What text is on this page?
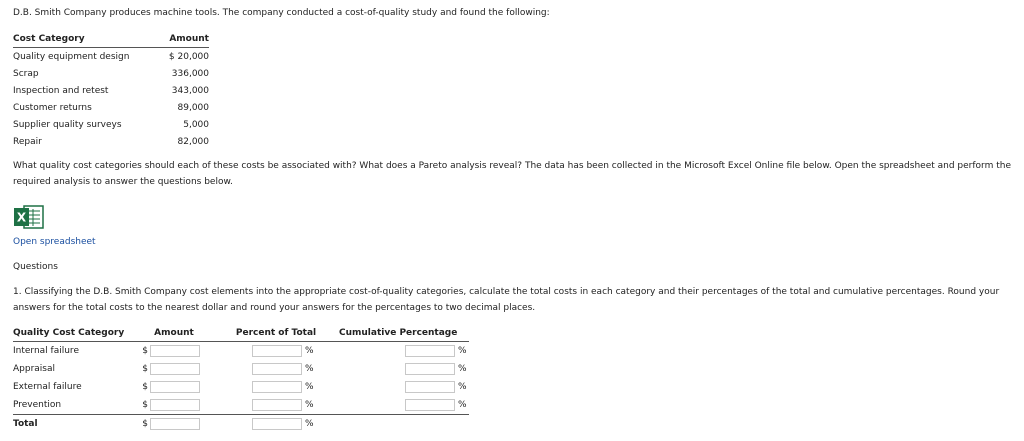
D.B. Smith Company produces machine tools. The company conducted a cost-of-quality study and found the following:
Cost Category	Amount
Quality equipment design	$ 20,000
Scrap	336,000
Inspection and retest	343,000
Customer returns	89,000
Supplier quality surveys	5,000
Repair	82,000
What quality cost categories should each of these costs be associated with? What does a Pareto analysis reveal? The data has been collected in the Microsoft Excel Online file below. Open the spreadsheet and perform the required analysis to answer the questions below.
X
Open spreadsheet
Questions
1. Classifying the D.B. Smith Company cost elements into the appropriate cost-of-quality categories, calculate the total costs in each category and their percentages of the total and cumulative percentages. Round your answers for the total costs to the nearest dollar and round your answers for the percentages to two decimal places.
Quality Cost Category	Amount	Percent of Total	Cumulative Percentage
Internal failure	$	%	%

Appraisal	$	%	%

External failure	$	%	%

Prevention	$	%	%

Total	$	%	
